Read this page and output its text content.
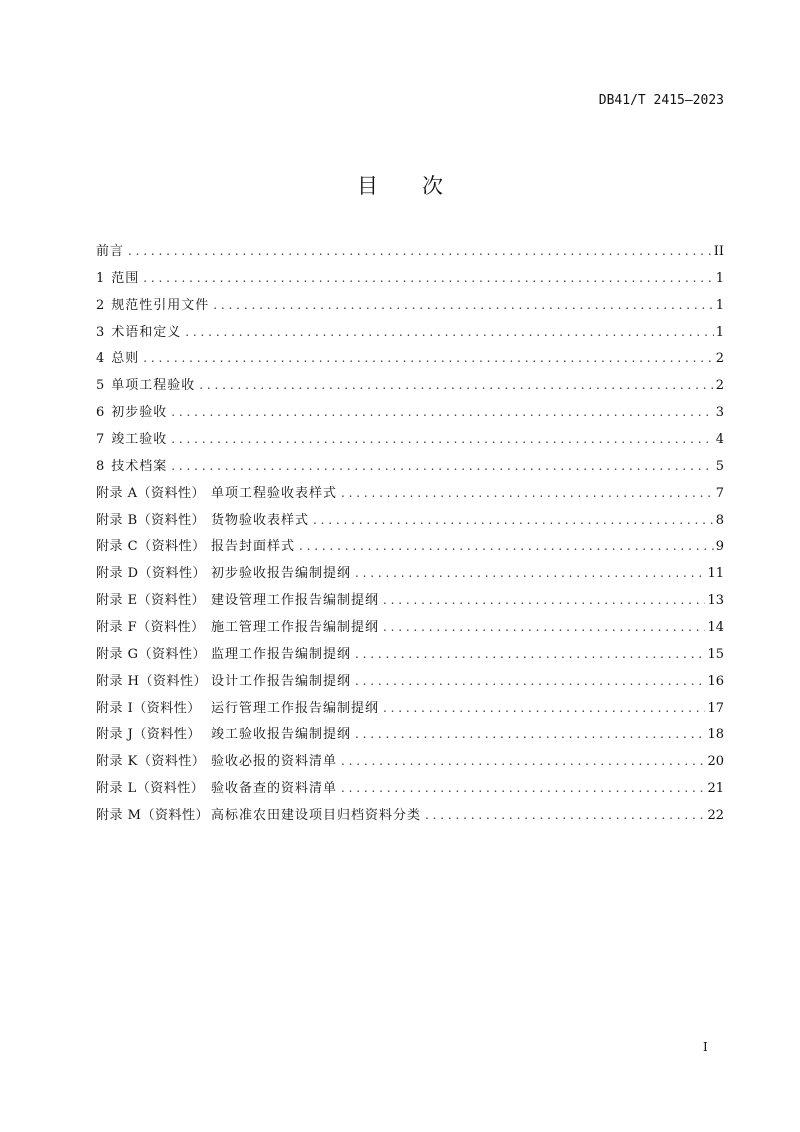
DB41/T 2415—2023
目 次
前言 . . .	II
1 范围 . . .	1
2 规范性引用文件 . . .	1
3 术语和定义 . . .	1
4 总则 . . .	2
5 单项工程验收 . . .	2
6 初步验收 . . .	3
7 竣工验收 . . .	4
8 技术档案 . . .	5
附录 A（资料性） 单项工程验收表样式 . . .	7
附录 B（资料性） 货物验收表样式 . . .	8
附录 C（资料性） 报告封面样式 . . .	9
附录 D（资料性） 初步验收报告编制提纲 . . .	11
附录 E（资料性） 建设管理工作报告编制提纲 . . .	13
附录 F（资料性） 施工管理工作报告编制提纲 . . .	14
附录 G（资料性） 监理工作报告编制提纲 . . .	15
附录 H（资料性） 设计工作报告编制提纲 . . .	16
附录 I（资料性） 运行管理工作报告编制提纲 . . .	17
附录 J（资料性） 竣工验收报告编制提纲 . . .	18
附录 K（资料性） 验收必报的资料清单 . . .	20
附录 L（资料性） 验收备查的资料清单 . . .	21
附录 M（资料性） 高标准农田建设项目归档资料分类 . . .	22
I
